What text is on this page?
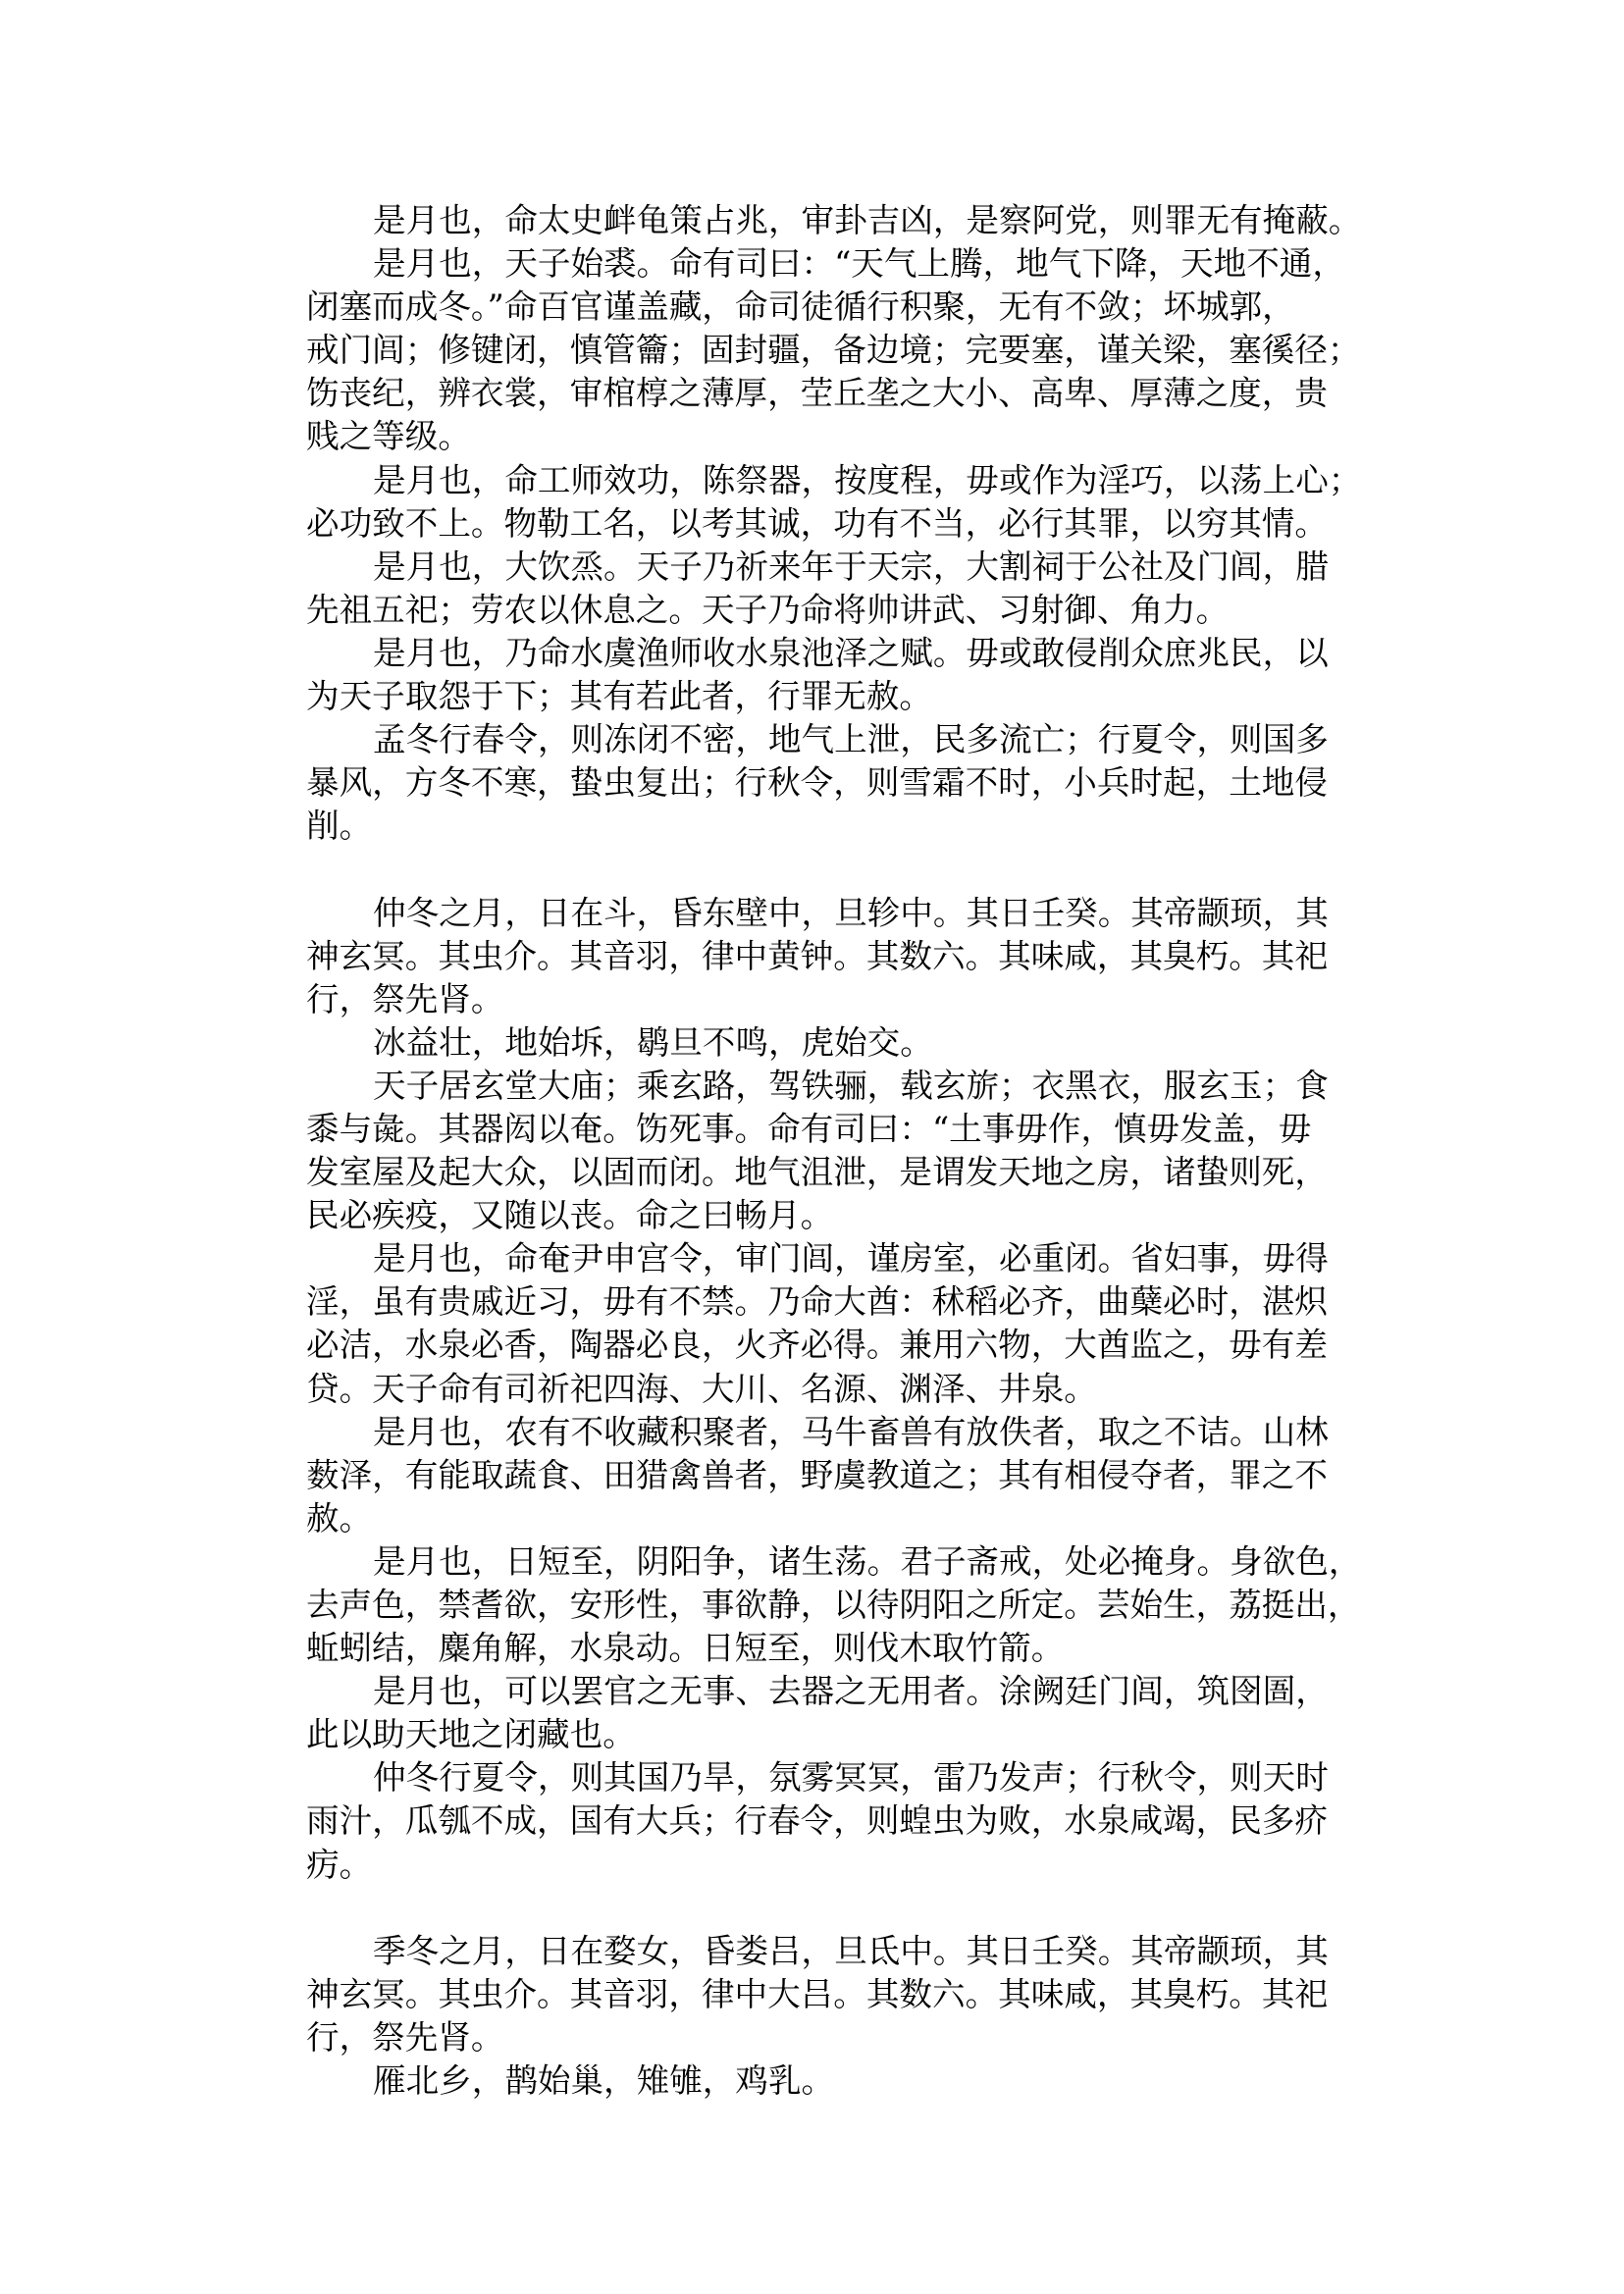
是月也，命太史衅龟策占兆，审卦吉凶，是察阿党，则罪无有掩蔽。
是月也，天子始裘。命有司曰：“天气上腾，地气下降，天地不通，
闭塞而成冬。”命百官谨盖藏，命司徒循行积聚，无有不敛；坏城郭，
戒门闾；修键闭，慎管籥；固封疆，备边境；完要塞，谨关梁，塞徯径；
饬丧纪，辨衣裳，审棺椁之薄厚，茔丘垄之大小、高卑、厚薄之度，贵
贱之等级。
是月也，命工师效功，陈祭器，按度程，毋或作为淫巧，以荡上心；
必功致不上。物勒工名，以考其诚，功有不当，必行其罪，以穷其情。
是月也，大饮烝。天子乃祈来年于天宗，大割祠于公社及门闾，腊
先祖五祀；劳农以休息之。天子乃命将帅讲武、习射御、角力。
是月也，乃命水虞渔师收水泉池泽之赋。毋或敢侵削众庶兆民，以
为天子取怨于下；其有若此者，行罪无赦。
孟冬行春令，则冻闭不密，地气上泄，民多流亡；行夏令，则国多
暴风，方冬不寒，蛰虫复出；行秋令，则雪霜不时，小兵时起，土地侵
削。
仲冬之月，日在斗，昏东壁中，旦轸中。其日壬癸。其帝颛顼，其
神玄冥。其虫介。其音羽，律中黄钟。其数六。其味咸，其臭朽。其祀
行，祭先肾。
冰益壮，地始坼，鹖旦不鸣，虎始交。
天子居玄堂大庙；乘玄路，驾铁骊，载玄旂；衣黑衣，服玄玉；食
黍与彘。其器闳以奄。饬死事。命有司曰：“土事毋作，慎毋发盖，毋
发室屋及起大众，以固而闭。地气沮泄，是谓发天地之房，诸蛰则死，
民必疾疫，又随以丧。命之曰畅月。
是月也，命奄尹申宫令，审门闾，谨房室，必重闭。省妇事，毋得
淫，虽有贵戚近习，毋有不禁。乃命大酋：秫稻必齐，曲蘖必时，湛炽
必洁，水泉必香，陶器必良，火齐必得。兼用六物，大酋监之，毋有差
贷。天子命有司祈祀四海、大川、名源、渊泽、井泉。
是月也，农有不收藏积聚者，马牛畜兽有放佚者，取之不诘。山林
薮泽，有能取蔬食、田猎禽兽者，野虞教道之；其有相侵夺者，罪之不
赦。
是月也，日短至，阴阳争，诸生荡。君子斋戒，处必掩身。身欲色，
去声色，禁耆欲，安形性，事欲静，以待阴阳之所定。芸始生，荔挺出，
蚯蚓结，麋角解，水泉动。日短至，则伐木取竹箭。
是月也，可以罢官之无事、去器之无用者。涂阙廷门闾，筑囹圄，
此以助天地之闭藏也。
仲冬行夏令，则其国乃旱，氛雾冥冥，雷乃发声；行秋令，则天时
雨汁，瓜瓠不成，国有大兵；行春令，则蝗虫为败，水泉咸竭，民多疥
疠。
季冬之月，日在婺女，昏娄吕，旦氐中。其日壬癸。其帝颛顼，其
神玄冥。其虫介。其音羽，律中大吕。其数六。其味咸，其臭朽。其祀
行，祭先肾。
雁北乡，鹊始巢，雉雊，鸡乳。
